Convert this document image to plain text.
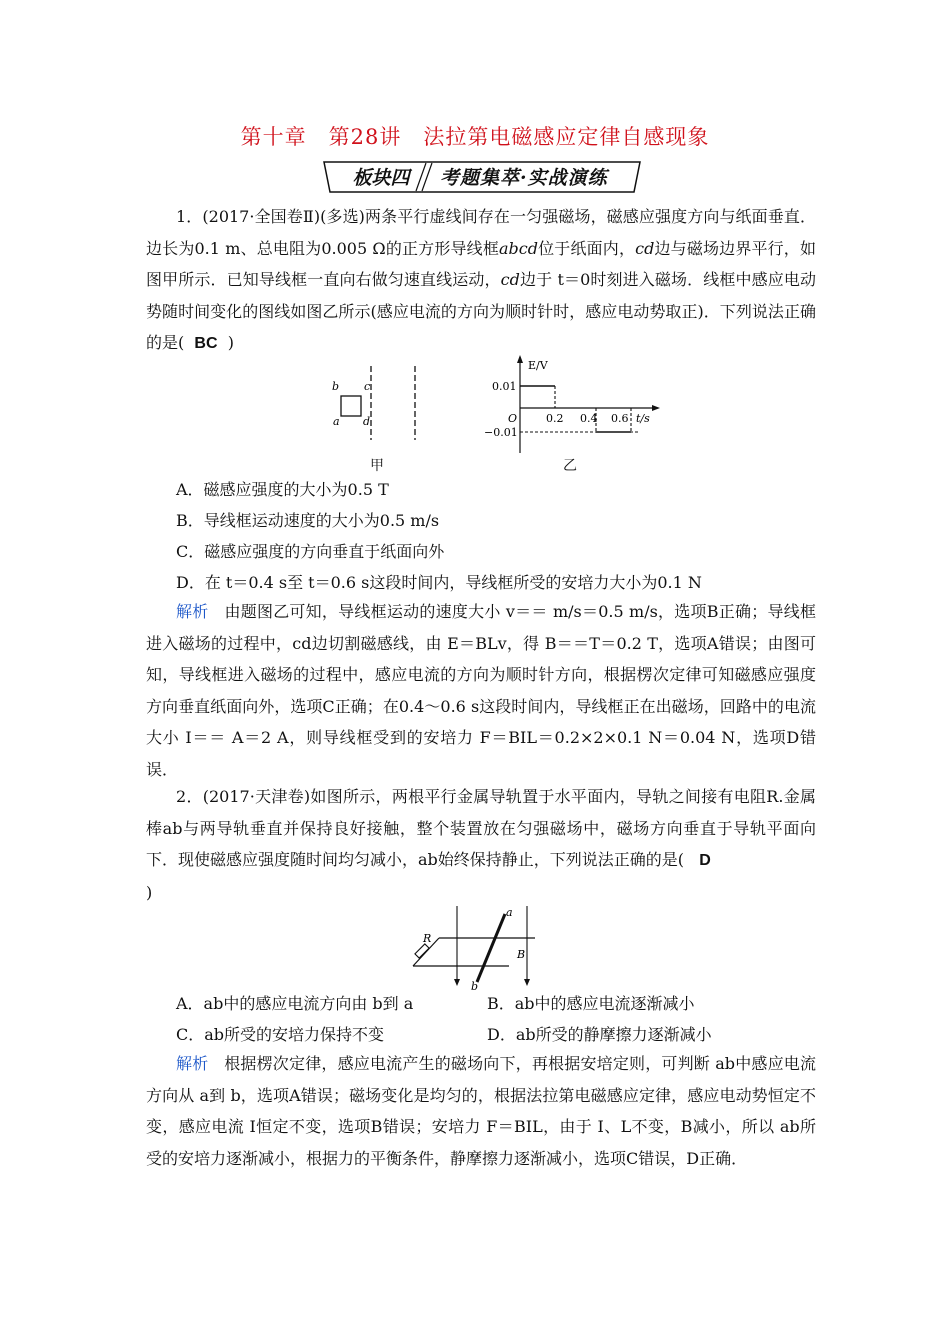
第十章　第28讲　法拉第电磁感应定律自感现象
板块四	考题集萃·实战演练
1．(2017·全国卷Ⅱ)(多选)两条平行虚线间存在一匀强磁场，磁感应强度方向与纸面垂直．边长为0.1 m、总电阻为0.005 Ω的正方形导线框abcd位于纸面内，cd边与磁场边界平行，如图甲所示．已知导线框一直向右做匀速直线运动，cd边于 t＝0时刻进入磁场．线框中感应电动势随时间变化的图线如图乙所示(感应电流的方向为顺时针时，感应电动势取正)．下列说法正确的是( BC )
b c
a d
甲
E/V
0.01
−0.01
O	0.2 0.4 0.6 t/s
乙
A．磁感应强度的大小为0.5 T
B．导线框运动速度的大小为0.5 m/s
C．磁感应强度的方向垂直于纸面向外
D．在 t＝0.4 s至 t＝0.6 s这段时间内，导线框所受的安培力大小为0.1 N
解析 由题图乙可知，导线框运动的速度大小 v＝＝ m/s＝0.5 m/s，选项B正确；导线框进入磁场的过程中，cd边切割磁感线，由 E＝BLv，得 B＝＝T＝0.2 T，选项A错误；由图可知，导线框进入磁场的过程中，感应电流的方向为顺时针方向，根据楞次定律可知磁感应强度方向垂直纸面向外，选项C正确；在0.4～0.6 s这段时间内，导线框正在出磁场，回路中的电流大小 I＝＝ A＝2 A，则导线框受到的安培力 F＝BIL＝0.2×2×0.1 N＝0.04 N，选项D错误．
2．(2017·天津卷)如图所示，两根平行金属导轨置于水平面内，导轨之间接有电阻R.金属棒ab与两导轨垂直并保持良好接触，整个装置放在匀强磁场中，磁场方向垂直于导轨平面向下．现使磁感应强度随时间均匀减小，ab始终保持静止，下列说法正确的是( D
)
R
a
b
B
A．ab中的感应电流方向由 b到 a	B．ab中的感应电流逐渐减小
C．ab所受的安培力保持不变	D．ab所受的静摩擦力逐渐减小
解析 根据楞次定律，感应电流产生的磁场向下，再根据安培定则，可判断 ab中感应电流方向从 a到 b，选项A错误；磁场变化是均匀的，根据法拉第电磁感应定律，感应电动势恒定不变，感应电流 I恒定不变，选项B错误；安培力 F＝BIL，由于 I、L不变，B减小，所以 ab所受的安培力逐渐减小，根据力的平衡条件，静摩擦力逐渐减小，选项C错误，D正确．
